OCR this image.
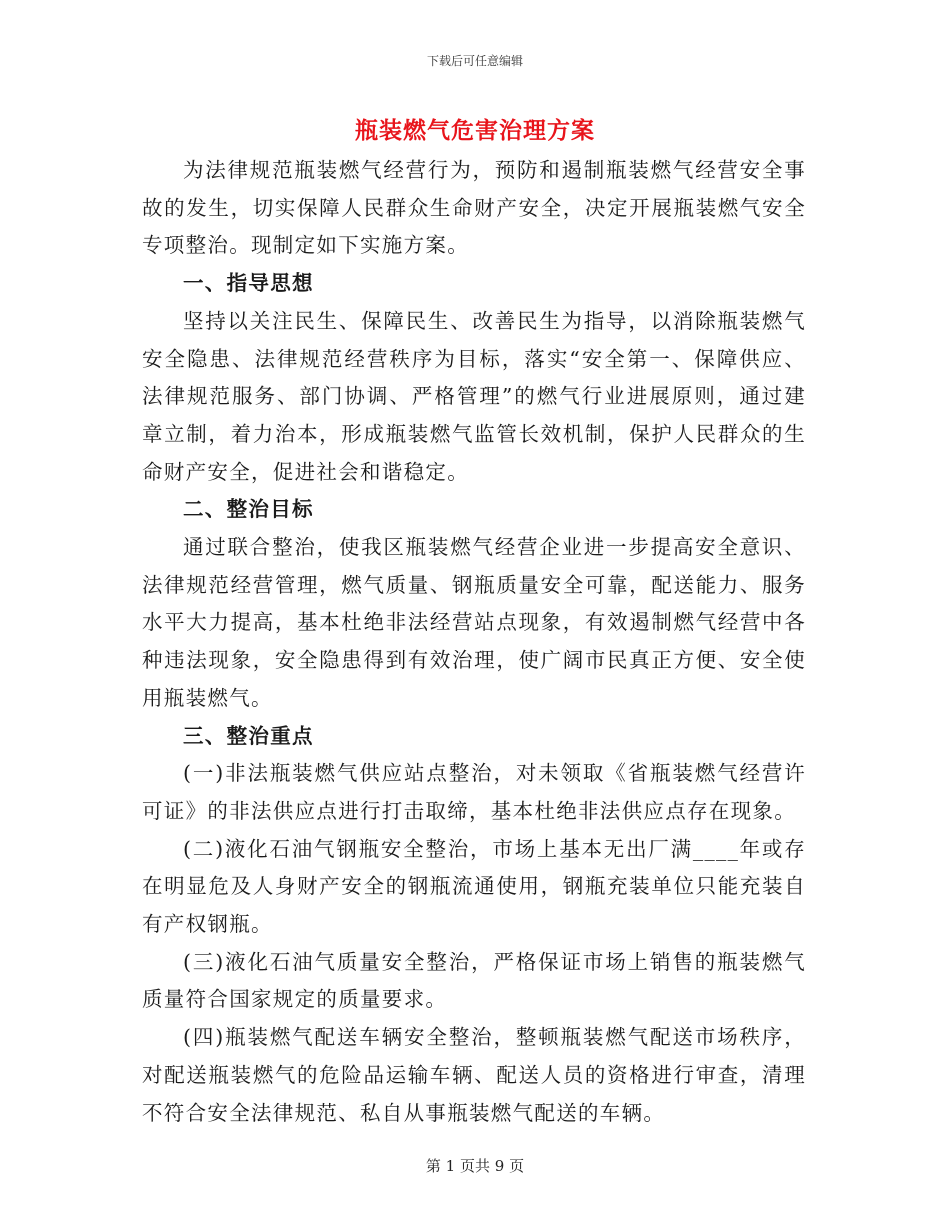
下载后可任意编辑
瓶装燃气危害治理方案

为法律规范瓶装燃气经营行为，预防和遏制瓶装燃气经营安全事故的发生，切实保障人民群众生命财产安全，决定开展瓶装燃气安全专项整治。现制定如下实施方案。

一、指导思想

坚持以关注民生、保障民生、改善民生为指导，以消除瓶装燃气安全隐患、法律规范经营秩序为目标，落实“安全第一、保障供应、法律规范服务、部门协调、严格管理”的燃气行业进展原则，通过建章立制，着力治本，形成瓶装燃气监管长效机制，保护人民群众的生命财产安全，促进社会和谐稳定。

二、整治目标

通过联合整治，使我区瓶装燃气经营企业进一步提高安全意识、法律规范经营管理，燃气质量、钢瓶质量安全可靠，配送能力、服务水平大力提高，基本杜绝非法经营站点现象，有效遏制燃气经营中各种违法现象，安全隐患得到有效治理，使广阔市民真正方便、安全使用瓶装燃气。

三、整治重点

(一)非法瓶装燃气供应站点整治，对未领取《省瓶装燃气经营许可证》的非法供应点进行打击取缔，基本杜绝非法供应点存在现象。

(二)液化石油气钢瓶安全整治，市场上基本无出厂满____年或存在明显危及人身财产安全的钢瓶流通使用，钢瓶充装单位只能充装自有产权钢瓶。

(三)液化石油气质量安全整治，严格保证市场上销售的瓶装燃气质量符合国家规定的质量要求。

(四)瓶装燃气配送车辆安全整治，整顿瓶装燃气配送市场秩序，对配送瓶装燃气的危险品运输车辆、配送人员的资格进行审查，清理不符合安全法律规范、私自从事瓶装燃气配送的车辆。

第 1 页共 9 页
